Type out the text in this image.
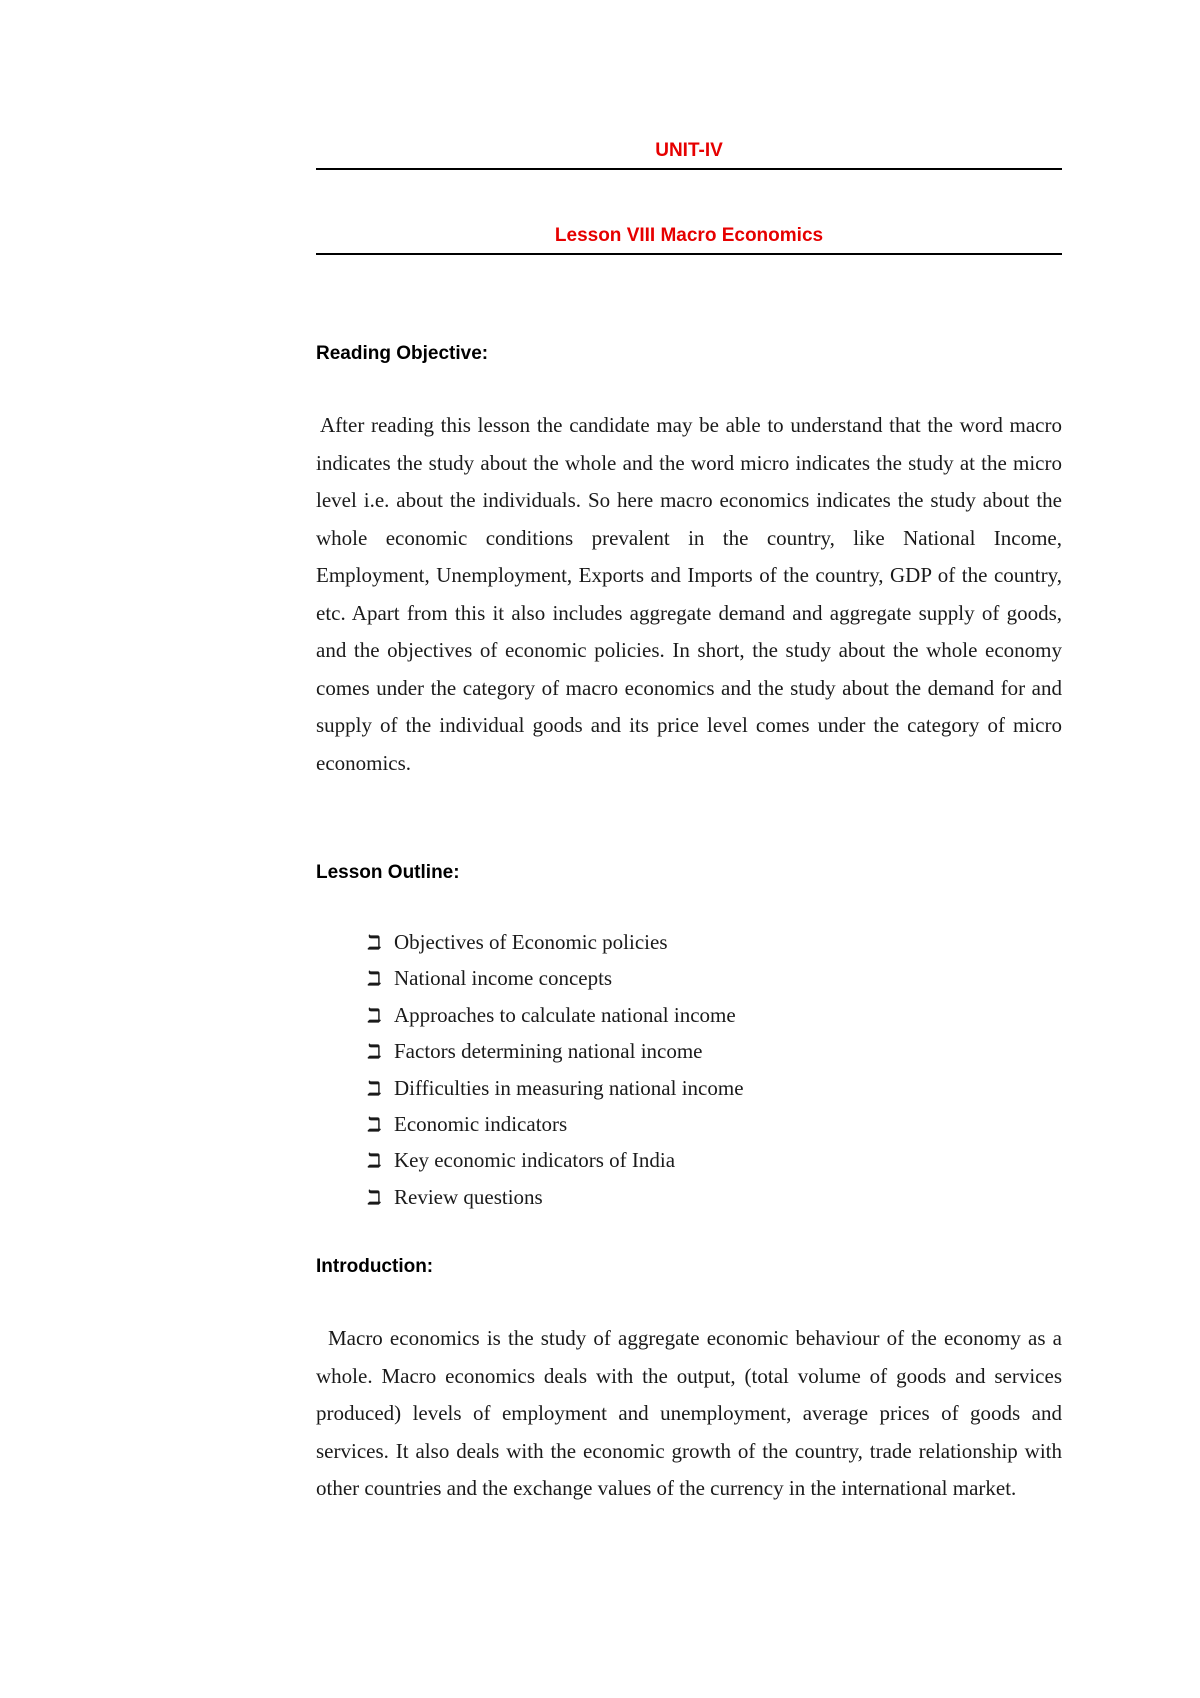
UNIT-IV
Lesson VIII Macro Economics
Reading Objective:

After reading this lesson the candidate may be able to understand that the word macro indicates the study about the whole and the word micro indicates the study at the micro level i.e. about the individuals. So here macro economics indicates the study about the whole economic conditions prevalent in the country, like National Income, Employment, Unemployment, Exports and Imports of the country, GDP of the country, etc. Apart from this it also includes aggregate demand and aggregate supply of goods, and the objectives of economic policies. In short, the study about the whole economy comes under the category of macro economics and the study about the demand for and supply of the individual goods and its price level comes under the category of micro economics.

Lesson Outline:
ℶ Objectives of Economic policies
ℶ National income concepts
ℶ Approaches to calculate national income
ℶ Factors determining national income
ℶ Difficulties in measuring national income
ℶ Economic indicators
ℶ Key economic indicators of India
ℶ Review questions
Introduction:

Macro economics is the study of aggregate economic behaviour of the economy as a whole. Macro economics deals with the output, (total volume of goods and services produced) levels of employment and unemployment, average prices of goods and services. It also deals with the economic growth of the country, trade relationship with other countries and the exchange values of the currency in the international market.
